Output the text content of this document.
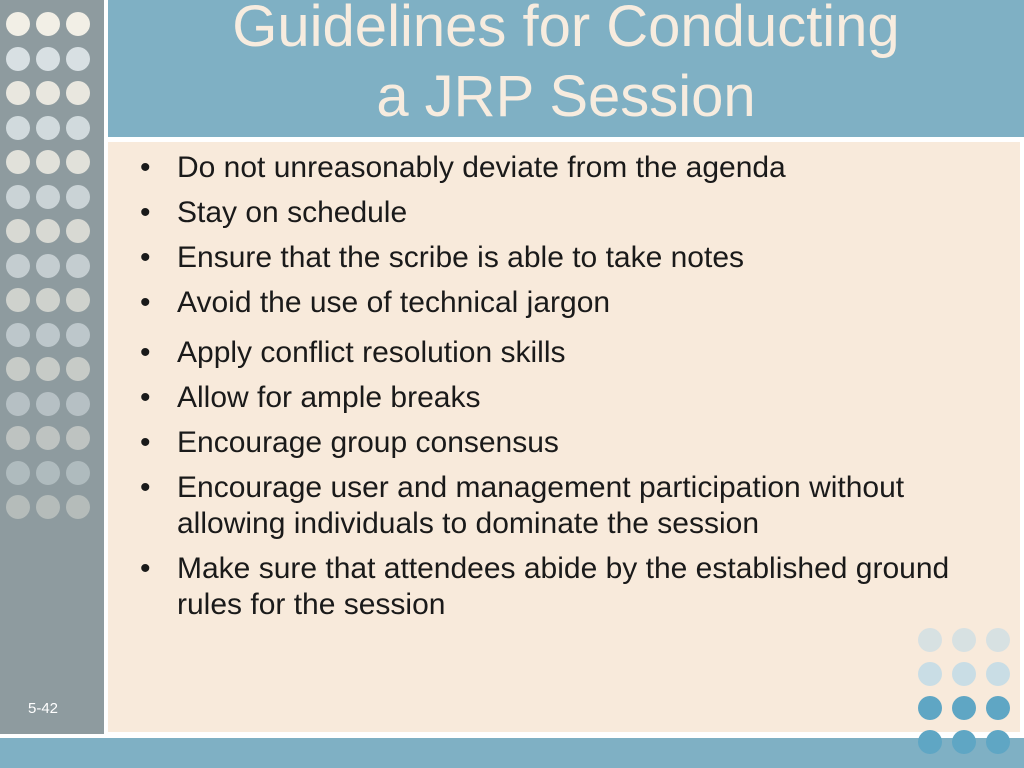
Guidelines for Conducting
a JRP Session
• Do not unreasonably deviate from the agenda
• Stay on schedule
• Ensure that the scribe is able to take notes
• Avoid the use of technical jargon
• Apply conflict resolution skills
• Allow for ample breaks
• Encourage group consensus
• Encourage user and management participation without allowing individuals to dominate the session
• Make sure that attendees abide by the established ground rules for the session
5-42
